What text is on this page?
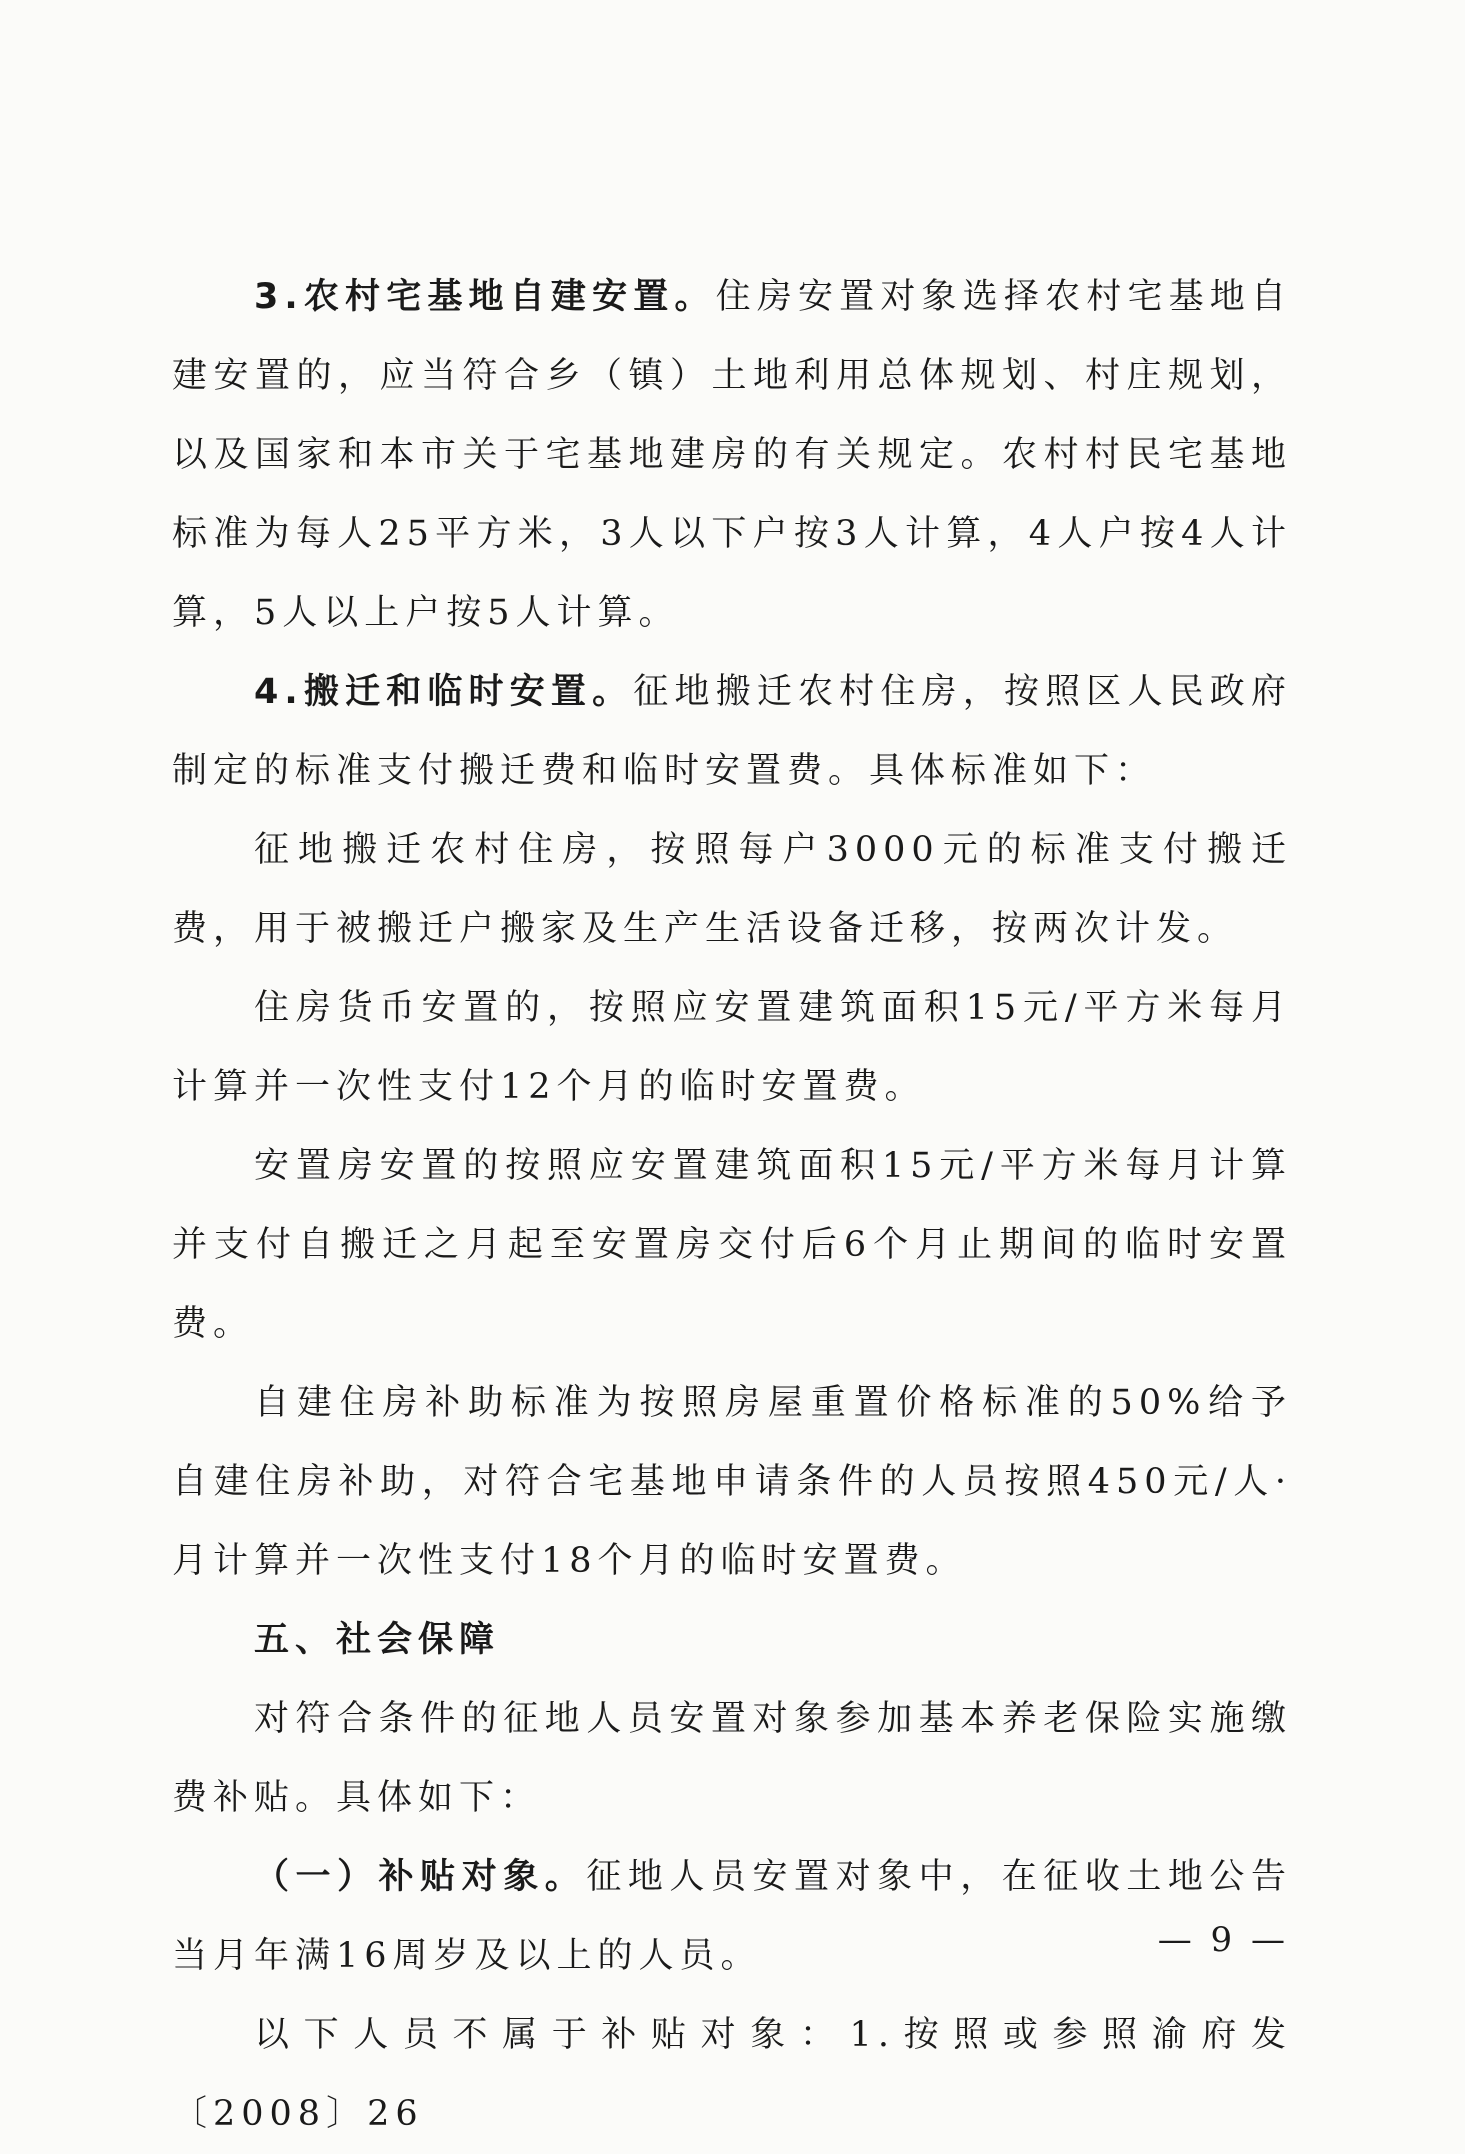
3.农村宅基地自建安置。住房安置对象选择农村宅基地自建安置的，应当符合乡（镇）土地利用总体规划、村庄规划，以及国家和本市关于宅基地建房的有关规定。农村村民宅基地标准为每人25平方米，3人以下户按3人计算，4人户按4人计算，5人以上户按5人计算。

4.搬迁和临时安置。征地搬迁农村住房，按照区人民政府制定的标准支付搬迁费和临时安置费。具体标准如下：

征地搬迁农村住房，按照每户3000元的标准支付搬迁费，用于被搬迁户搬家及生产生活设备迁移，按两次计发。

住房货币安置的，按照应安置建筑面积15元/平方米每月计算并一次性支付12个月的临时安置费。

安置房安置的按照应安置建筑面积15元/平方米每月计算并支付自搬迁之月起至安置房交付后6个月止期间的临时安置费。

自建住房补助标准为按照房屋重置价格标准的50%给予自建住房补助，对符合宅基地申请条件的人员按照450元/人·月计算并一次性支付18个月的临时安置费。

五、社会保障

对符合条件的征地人员安置对象参加基本养老保险实施缴费补贴。具体如下：

（一）补贴对象。征地人员安置对象中，在征收土地公告当月年满16周岁及以上的人员。

以下人员不属于补贴对象：1.按照或参照渝府发〔2008〕26

— 9 —
